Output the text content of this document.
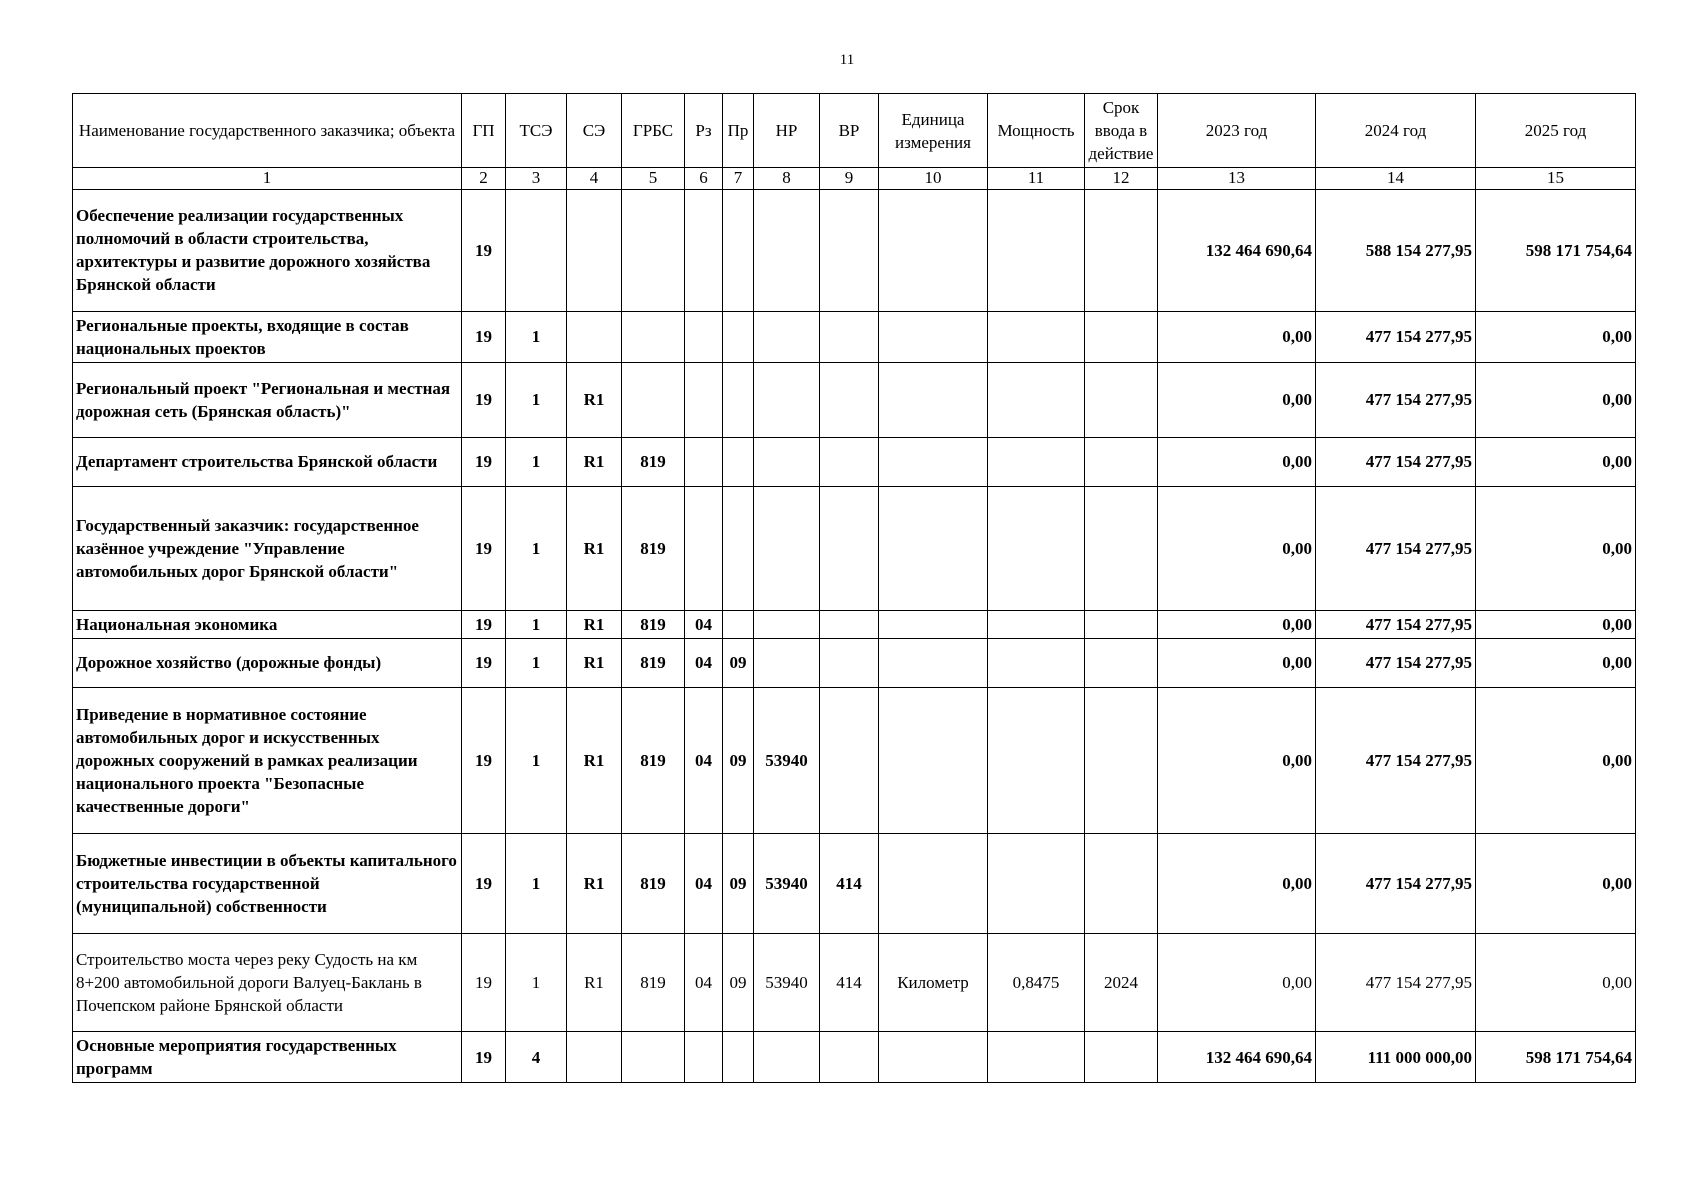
11
Наименование государственного заказчика; объекта	ГП	ТСЭ	СЭ	ГРБС	Рз	Пр	НР	ВР	Единица измерения	Мощность	Срок ввода в действие	2023 год	2024 год	2025 год
1	2	3	4	5	6	7	8	9	10	11	12	13	14	15
Обеспечение реализации государственных полномочий в области строительства, архитектуры и развитие дорожного хозяйства Брянской области	19											132 464 690,64	588 154 277,95	598 171 754,64
Региональные проекты, входящие в состав национальных проектов	19	1										0,00	477 154 277,95	0,00
Региональный проект "Региональная и местная дорожная сеть (Брянская область)"	19	1	R1									0,00	477 154 277,95	0,00
Департамент строительства Брянской области	19	1	R1	819								0,00	477 154 277,95	0,00
Государственный заказчик: государственное казённое учреждение "Управление автомобильных дорог Брянской области"	19	1	R1	819								0,00	477 154 277,95	0,00
Национальная экономика	19	1	R1	819	04							0,00	477 154 277,95	0,00
Дорожное хозяйство (дорожные фонды)	19	1	R1	819	04	09						0,00	477 154 277,95	0,00
Приведение в нормативное состояние автомобильных дорог и искусственных дорожных сооружений в рамках реализации национального проекта "Безопасные качественные дороги"	19	1	R1	819	04	09	53940					0,00	477 154 277,95	0,00
Бюджетные инвестиции в объекты капитального строительства государственной (муниципальной) собственности	19	1	R1	819	04	09	53940	414				0,00	477 154 277,95	0,00
Строительство моста через реку Судость на км 8+200 автомобильной дороги Валуец-Баклань в Почепском районе Брянской области	19	1	R1	819	04	09	53940	414	Километр	0,8475	2024	0,00	477 154 277,95	0,00
Основные мероприятия государственных программ	19	4										132 464 690,64	111 000 000,00	598 171 754,64
